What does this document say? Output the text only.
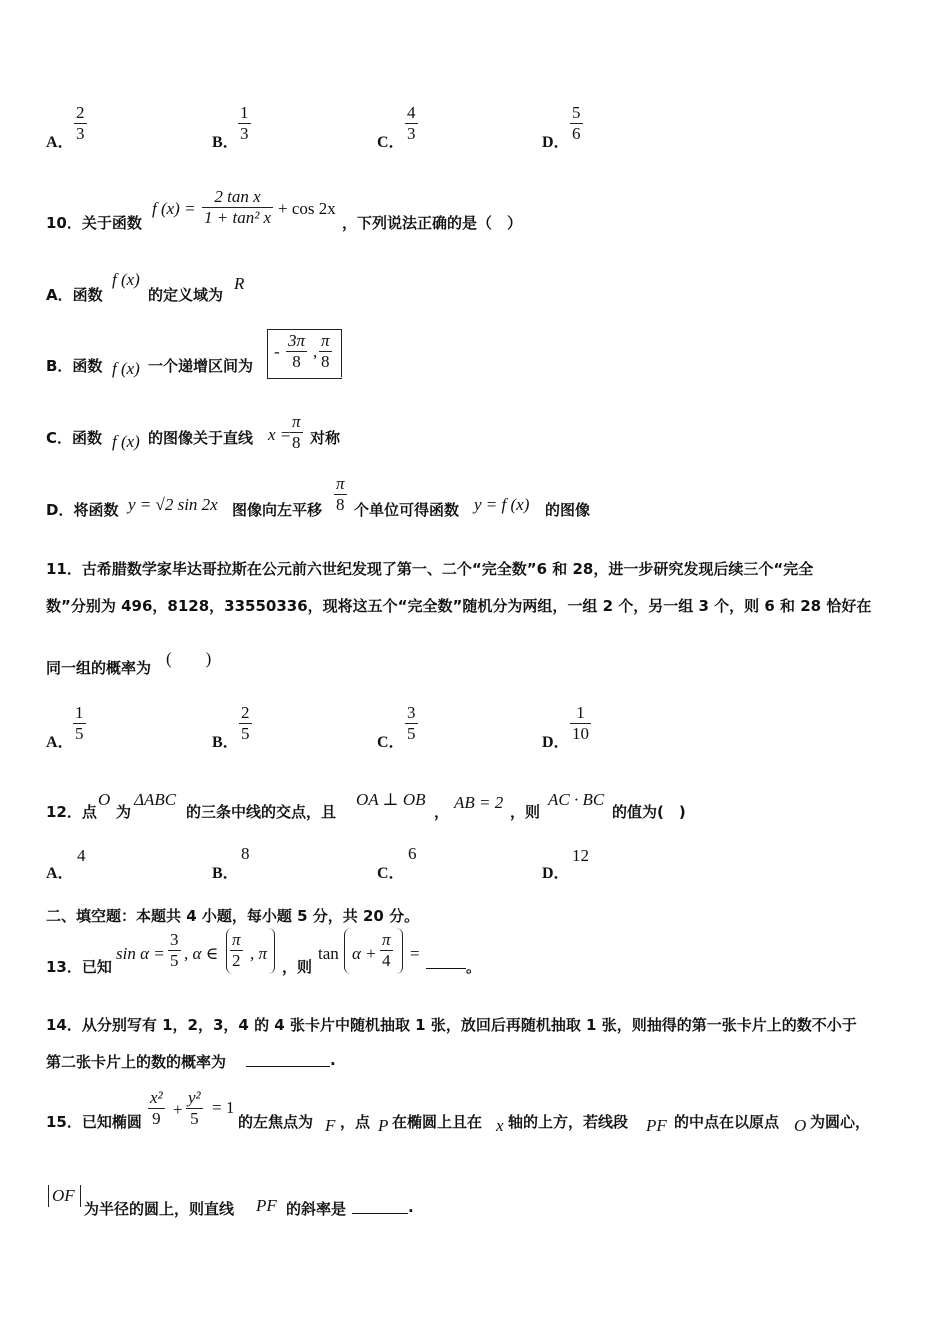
A． $\frac{2}{3}$	B． $\frac{1}{3}$	C． $\frac{4}{3}$	D． $\frac{5}{6}$
10．关于函数
f $(x) = \frac{\text{2 tan x}}{\text{1 + tan² x}} + \cos 2x$
，下列说法正确的是（　）
A．函数
f (x)
的定义域为
R
B．函数 f (x) 一个递增区间为
- $\frac{3\pi}{8}$ , $\frac{\pi}{8}$
C．函数 f (x) 的图像关于直线 x =
$\frac{\pi}{8}$ 对称
D．将函数 y = √2 sin 2x 图像向左平移 $\frac{\pi}{8}$ 个单位可得函数 y = f (x) 的图像
11．古希腊数学家毕达哥拉斯在公元前六世纪发现了第一、二个“完全数”6 和 28，进一步研究发现后续三个“完全
数”分别为 496，8128，33550336，现将这五个“完全数”随机分为两组，一组 2 个，另一组 3 个，则 6 和 28 恰好在
同一组的概率为 (　　)
A． $\frac{1}{5}$	B． $\frac{2}{5}$	C． $\frac{3}{5}$	D． $\frac{1}{10}$
12．点
O
为
ΔABC
的三条中线的交点，且
OA ⊥ OB
， AB = 2 ，则
AC · BC
的值为(　)
A．
4
B．
8
C．
6
D．
12
二、填空题：本题共 4 小题，每小题 5 分，共 20 分。
13．已知
$\sin \alpha = \frac{3}{5}$ , α ∈ $\frac{\pi}{2}$ , π
，则
$\tan \alpha + \frac{\pi}{4}$ =
。
14．从分别写有 1，2，3，4 的 4 张卡片中随机抽取 1 张，放回后再随机抽取 1 张，则抽得的第一张卡片上的数不小于
第二张卡片上的数的概率为	.
15．已知椭圆 $\frac{\text{x²}}{9} + \frac{\text{y²}}{5} = 1$
的左焦点为 F ，点 P 在椭圆上且在 x 轴的上方，若线段 PF 的中点在以原点 O 为圆心，
OF
为半径的圆上，则直线 PF 的斜率是	.
